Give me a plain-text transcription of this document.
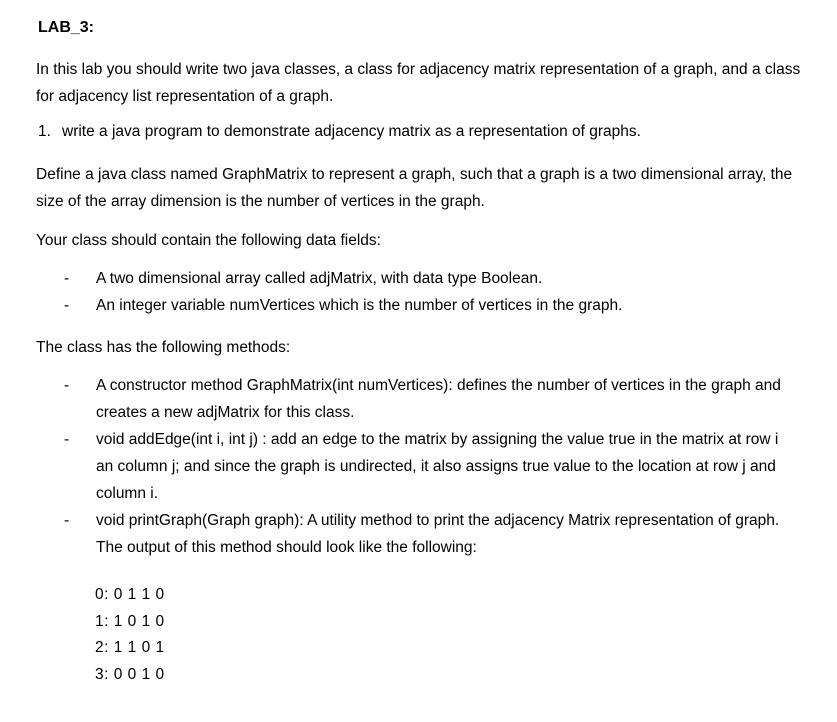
LAB_3:
In this lab you should write two java classes, a class for adjacency matrix representation of a graph, and a class for adjacency list representation of a graph.
1. write a java program to demonstrate adjacency matrix as a representation of graphs.
Define a java class named GraphMatrix to represent a graph, such that a graph is a two dimensional array, the size of the array dimension is the number of vertices in the graph.
Your class should contain the following data fields:
- A two dimensional array called adjMatrix, with data type Boolean.
- An integer variable numVertices which is the number of vertices in the graph.
The class has the following methods:
- A constructor method GraphMatrix(int numVertices): defines the number of vertices in the graph and creates a new adjMatrix for this class.
- void addEdge(int i, int j) : add an edge to the matrix by assigning the value true in the matrix at row i an column j; and since the graph is undirected, it also assigns true value to the location at row j and column i.
- void printGraph(Graph graph): A utility method to print the adjacency Matrix representation of graph. The output of this method should look like the following:
0: 0 1 1 0
1: 1 0 1 0
2: 1 1 0 1
3: 0 0 1 0
